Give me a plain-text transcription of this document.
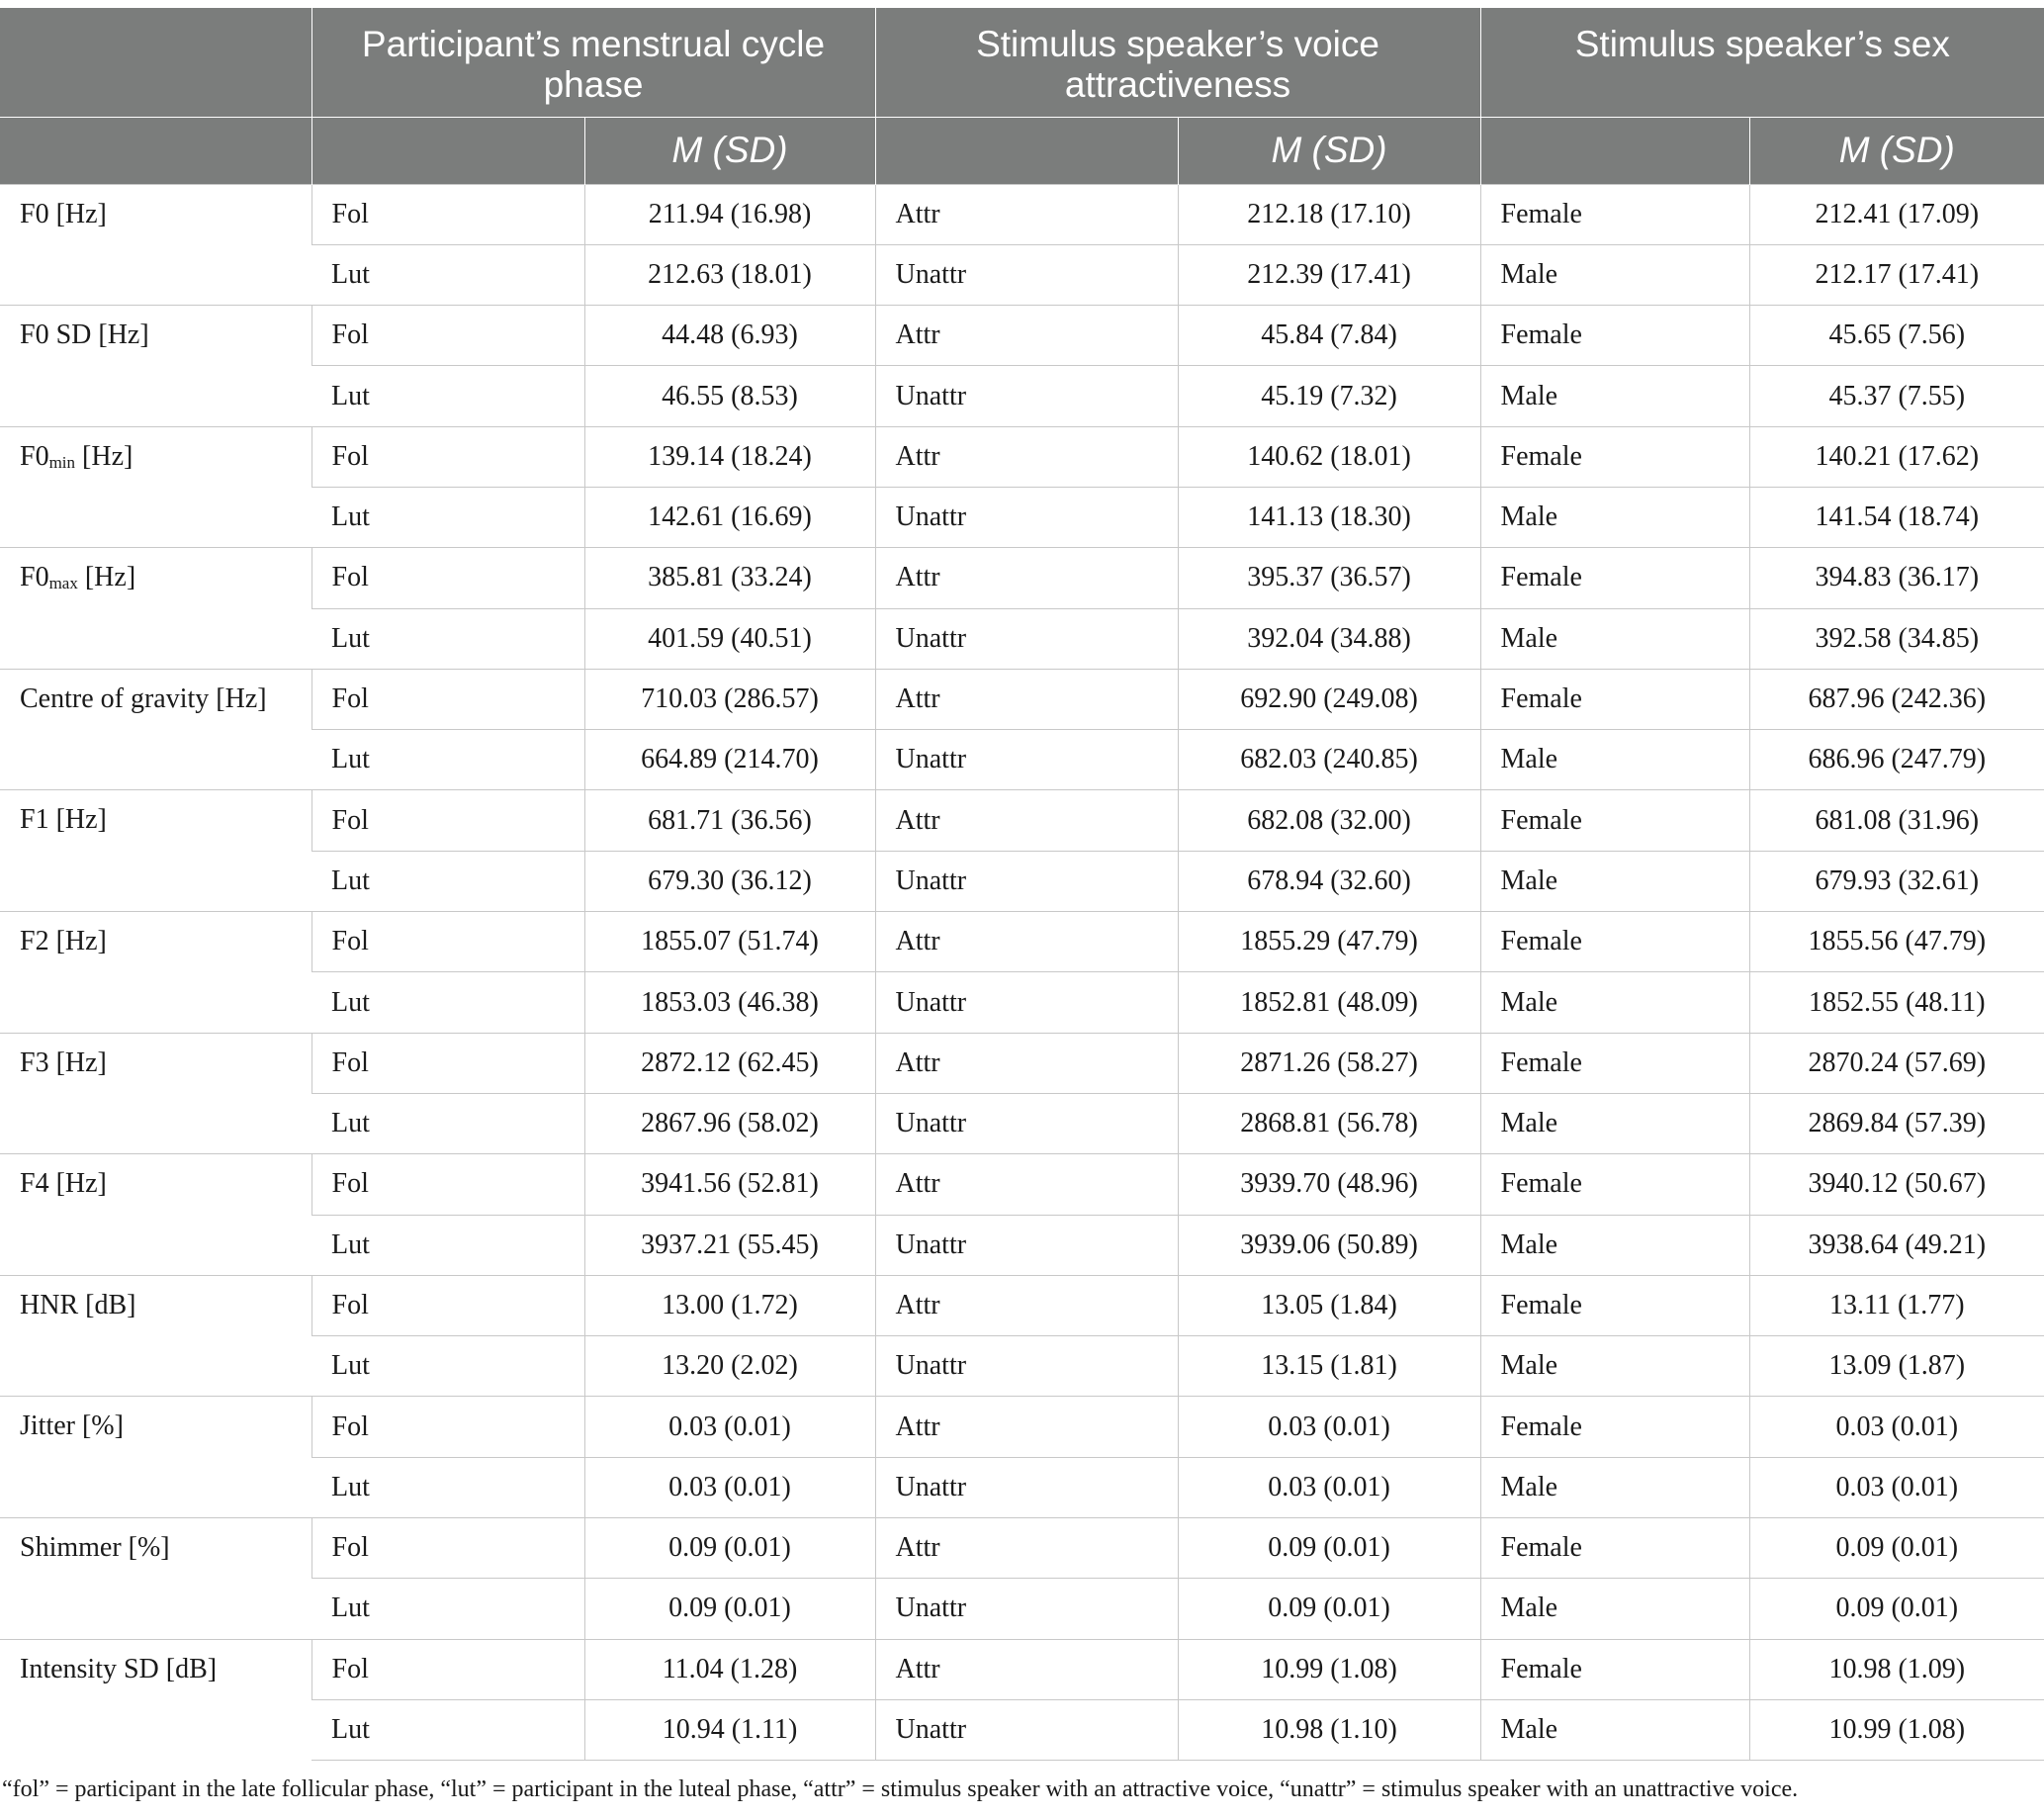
	Participant’s menstrual cycle phase		Stimulus speaker’s voice attractiveness		Stimulus speaker’s sex	
		M (SD)		M (SD)		M (SD)
F0 [Hz]	Fol	211.94 (16.98)	Attr	212.18 (17.10)	Female	212.41 (17.09)
	Lut	212.63 (18.01)	Unattr	212.39 (17.41)	Male	212.17 (17.41)
F0 SD [Hz]	Fol	44.48 (6.93)	Attr	45.84 (7.84)	Female	45.65 (7.56)
	Lut	46.55 (8.53)	Unattr	45.19 (7.32)	Male	45.37 (7.55)
$F0_{min}$ [Hz]	Fol	139.14 (18.24)	Attr	140.62 (18.01)	Female	140.21 (17.62)
	Lut	142.61 (16.69)	Unattr	141.13 (18.30)	Male	141.54 (18.74)
$F0_{max}$ [Hz]	Fol	385.81 (33.24)	Attr	395.37 (36.57)	Female	394.83 (36.17)
	Lut	401.59 (40.51)	Unattr	392.04 (34.88)	Male	392.58 (34.85)
Centre of gravity [Hz]	Fol	710.03 (286.57)	Attr	692.90 (249.08)	Female	687.96 (242.36)
	Lut	664.89 (214.70)	Unattr	682.03 (240.85)	Male	686.96 (247.79)
F1 [Hz]	Fol	681.71 (36.56)	Attr	682.08 (32.00)	Female	681.08 (31.96)
	Lut	679.30 (36.12)	Unattr	678.94 (32.60)	Male	679.93 (32.61)
F2 [Hz]	Fol	1855.07 (51.74)	Attr	1855.29 (47.79)	Female	1855.56 (47.79)
	Lut	1853.03 (46.38)	Unattr	1852.81 (48.09)	Male	1852.55 (48.11)
F3 [Hz]	Fol	2872.12 (62.45)	Attr	2871.26 (58.27)	Female	2870.24 (57.69)
	Lut	2867.96 (58.02)	Unattr	2868.81 (56.78)	Male	2869.84 (57.39)
F4 [Hz]	Fol	3941.56 (52.81)	Attr	3939.70 (48.96)	Female	3940.12 (50.67)
	Lut	3937.21 (55.45)	Unattr	3939.06 (50.89)	Male	3938.64 (49.21)
HNR [dB]	Fol	13.00 (1.72)	Attr	13.05 (1.84)	Female	13.11 (1.77)
	Lut	13.20 (2.02)	Unattr	13.15 (1.81)	Male	13.09 (1.87)
Jitter [%]	Fol	0.03 (0.01)	Attr	0.03 (0.01)	Female	0.03 (0.01)
	Lut	0.03 (0.01)	Unattr	0.03 (0.01)	Male	0.03 (0.01)
Shimmer [%]	Fol	0.09 (0.01)	Attr	0.09 (0.01)	Female	0.09 (0.01)
	Lut	0.09 (0.01)	Unattr	0.09 (0.01)	Male	0.09 (0.01)
Intensity SD [dB]	Fol	11.04 (1.28)	Attr	10.99 (1.08)	Female	10.98 (1.09)
	Lut	10.94 (1.11)	Unattr	10.98 (1.10)	Male	10.99 (1.08)
“fol” = participant in the late follicular phase, “lut” = participant in the luteal phase, “attr” = stimulus speaker with an attractive voice, “unattr” = stimulus speaker with an unattractive voice.
